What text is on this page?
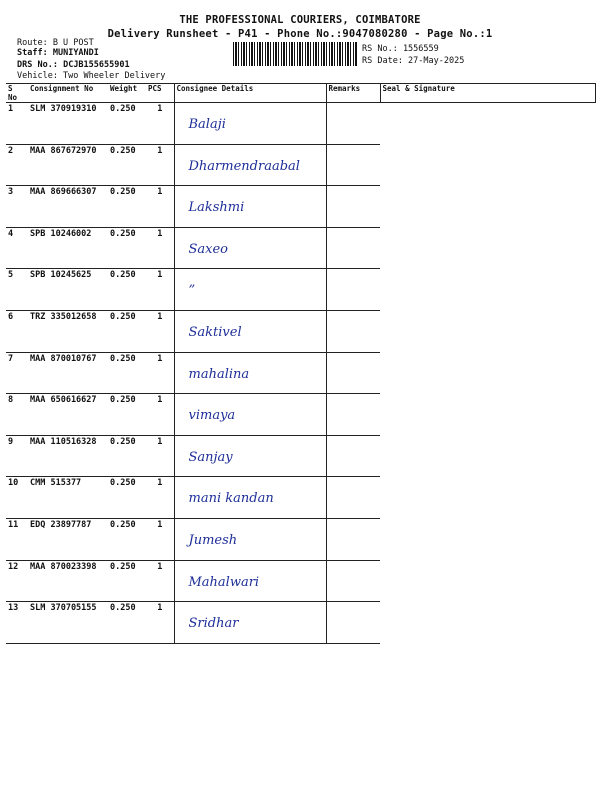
THE PROFESSIONAL COURIERS, COIMBATORE
Delivery Runsheet - P41 - Phone No.:9047080280 - Page No.:1
Route: B U POST
Staff: MUNIYANDI
DRS No.: DCJB155655901
Vehicle: Two Wheeler Delivery
RS No.: 1556559
RS Date: 27-May-2025
S No	Consignment No	Weight	PCS	Consignee Details	Remarks	Seal & Signature
1	SLM 370919310	0.250	1	Balaji		

2	MAA 867672970	0.250	1	Dharmendraabal		

3	MAA 869666307	0.250	1	Lakshmi		

4	SPB 10246002	0.250	1	Saxeo		

5	SPB 10245625	0.250	1	”		

6	TRZ 335012658	0.250	1	Saktivel		

7	MAA 870010767	0.250	1	mahalina		

8	MAA 650616627	0.250	1	vimaya		

9	MAA 110516328	0.250	1	Sanjay		

10	CMM 515377	0.250	1	mani kandan		

11	EDQ 23897787	0.250	1	Jumesh		

12	MAA 870023398	0.250	1	Mahalwari		

13	SLM 370705155	0.250	1	Sridhar		
